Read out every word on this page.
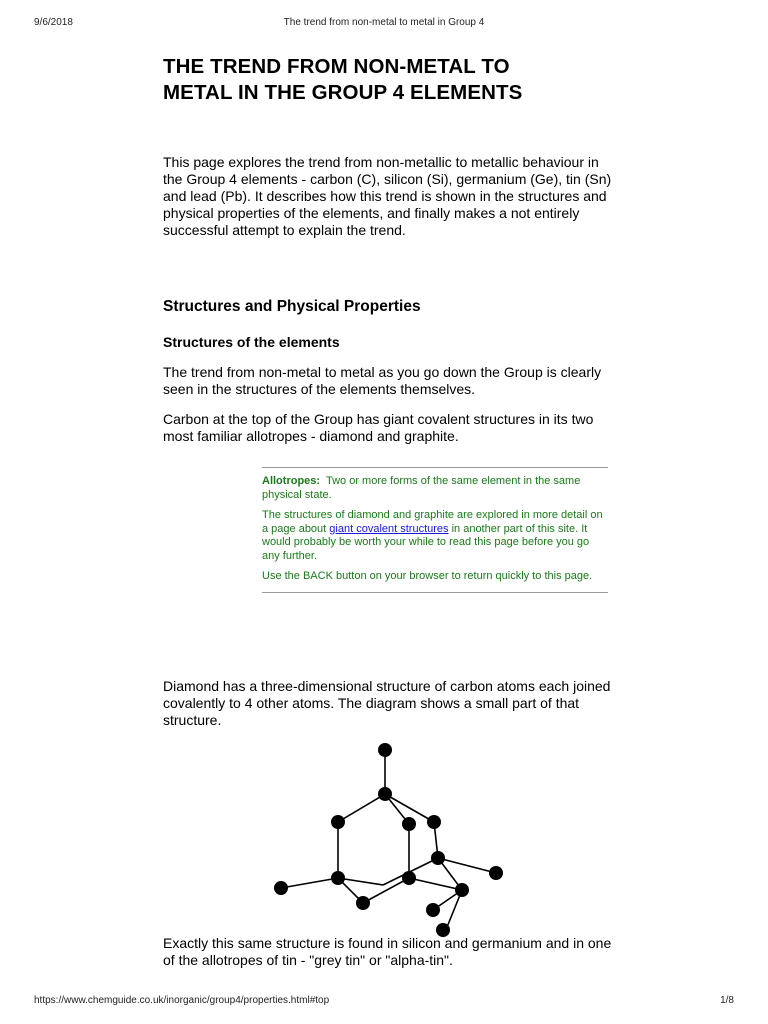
9/6/2018	The trend from non-metal to metal in Group 4
THE TREND FROM NON-METAL TO
METAL IN THE GROUP 4 ELEMENTS

This page explores the trend from non-metallic to metallic behaviour in the Group 4 elements - carbon (C), silicon (Si), germanium (Ge), tin (Sn) and lead (Pb). It describes how this trend is shown in the structures and physical properties of the elements, and finally makes a not entirely successful attempt to explain the trend.

Structures and Physical Properties
Structures of the elements

The trend from non-metal to metal as you go down the Group is clearly seen in the structures of the elements themselves.

Carbon at the top of the Group has giant covalent structures in its two most familiar allotropes - diamond and graphite.

Allotropes: Two or more forms of the same element in the same physical state.

The structures of diamond and graphite are explored in more detail on a page about giant covalent structures in another part of this site. It would probably be worth your while to read this page before you go any further.

Use the BACK button on your browser to return quickly to this page.

Diamond has a three-dimensional structure of carbon atoms each joined covalently to 4 other atoms. The diagram shows a small part of that structure.

Exactly this same structure is found in silicon and germanium and in one of the allotropes of tin - "grey tin" or "alpha-tin".

https://www.chemguide.co.uk/inorganic/group4/properties.html#top	1/8
